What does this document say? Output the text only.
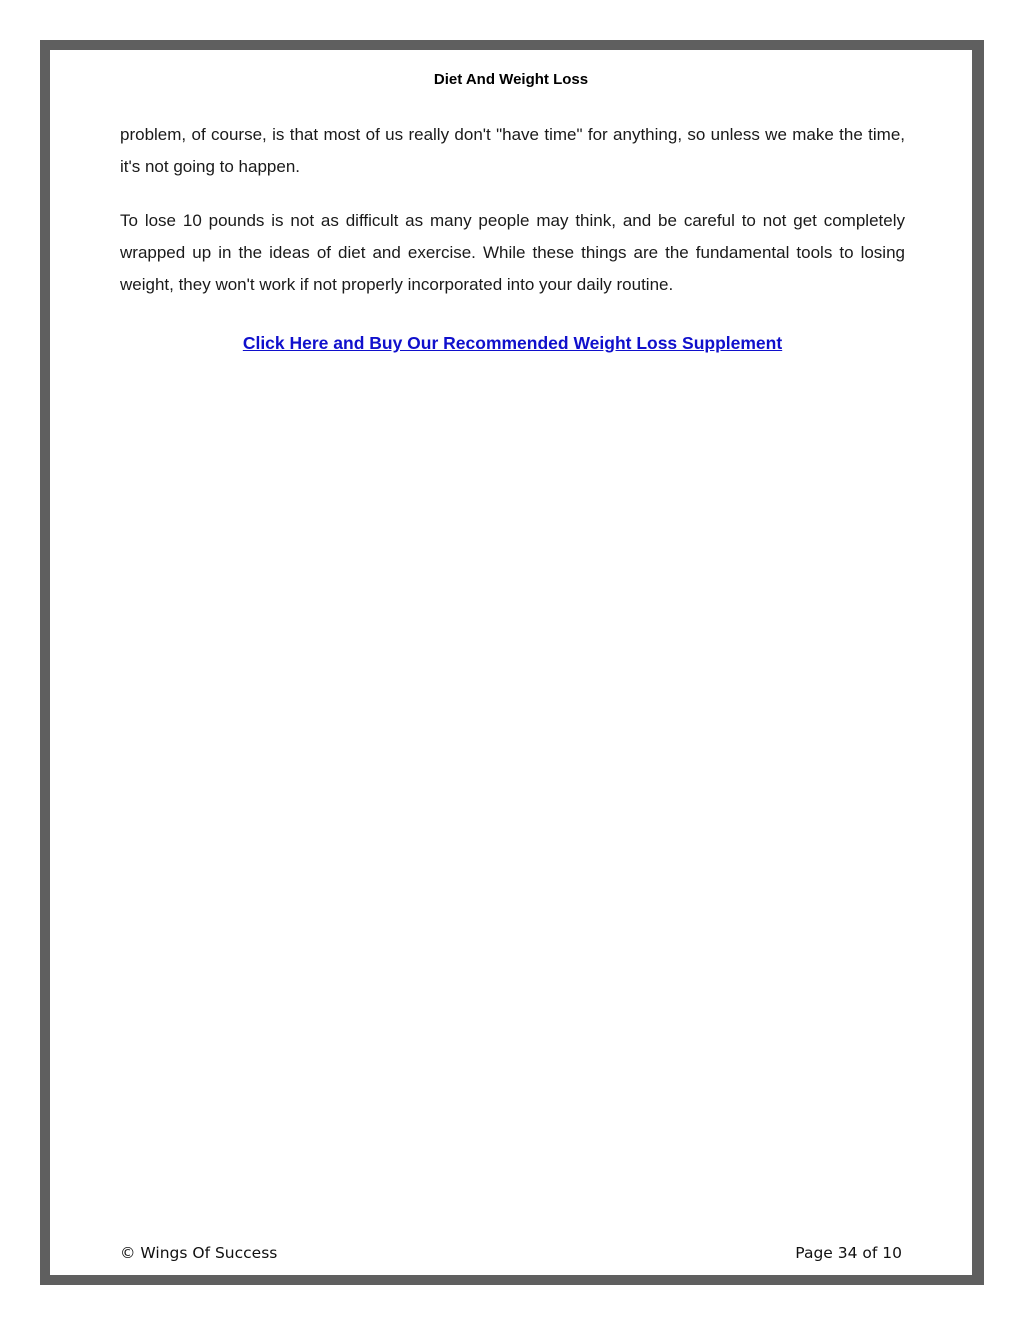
Diet And Weight Loss

problem, of course, is that most of us really don't "have time" for anything, so unless we make the time, it's not going to happen.

To lose 10 pounds is not as difficult as many people may think, and be careful to not get completely wrapped up in the ideas of diet and exercise. While these things are the fundamental tools to losing weight, they won't work if not properly incorporated into your daily routine.

Click Here and Buy Our Recommended Weight Loss Supplement
© Wings Of Success	Page 34 of 10
